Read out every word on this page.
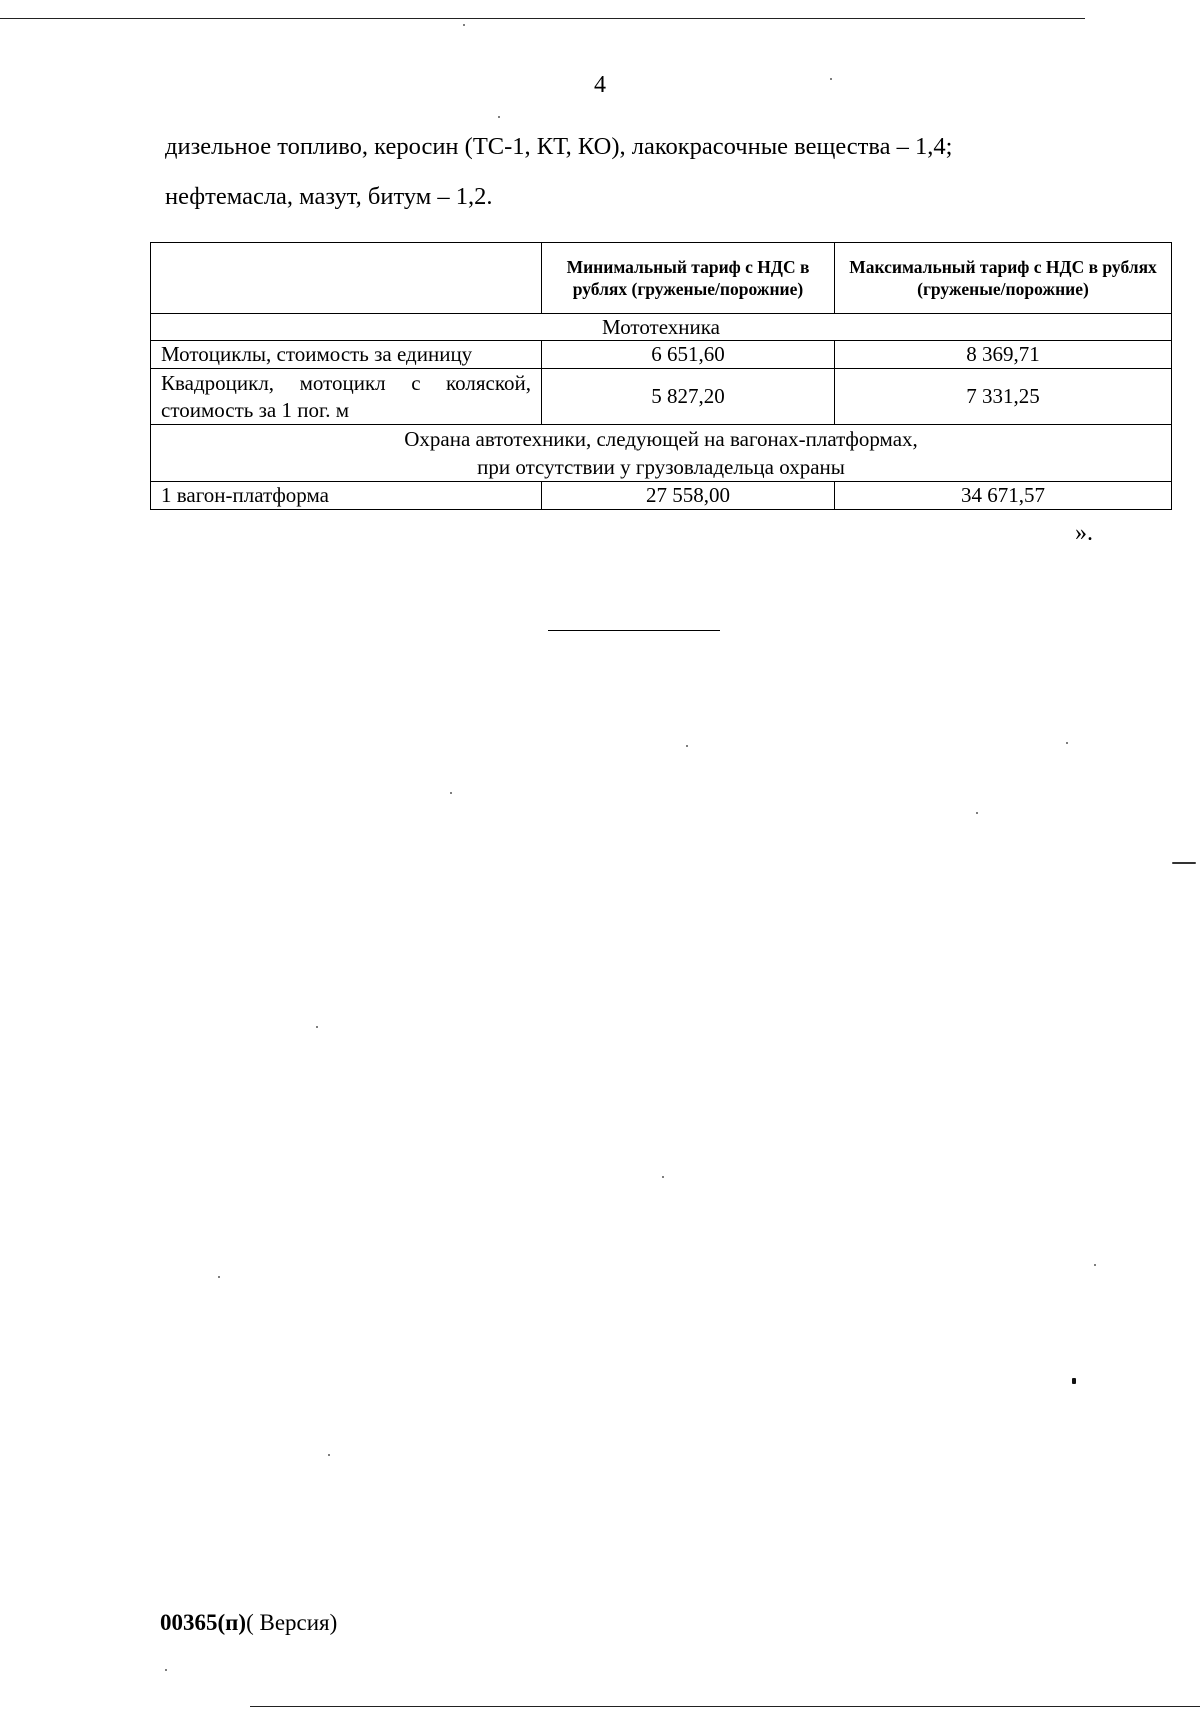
4

дизельное топливо, керосин (ТС-1, КТ, КО), лакокрасочные вещества – 1,4;

нефтемасла, мазут, битум – 1,2.

	Минимальный тариф с НДС в рублях (груженые/порожние)	Максимальный тариф с НДС в рублях (груженые/порожние)
Мототехника		
Мотоциклы, стоимость за единицу	6 651,60	8 369,71
Квадроцикл, мотоцикл с коляской, стоимость за 1 пог. м	5 827,20	7 331,25

Охрана автотехники, следующей на вагонах-платформах,
при отсутствии у грузовладельца охраны		

1 вагон-платформа	27 558,00	34 671,57
».
00365(п)( Версия)
